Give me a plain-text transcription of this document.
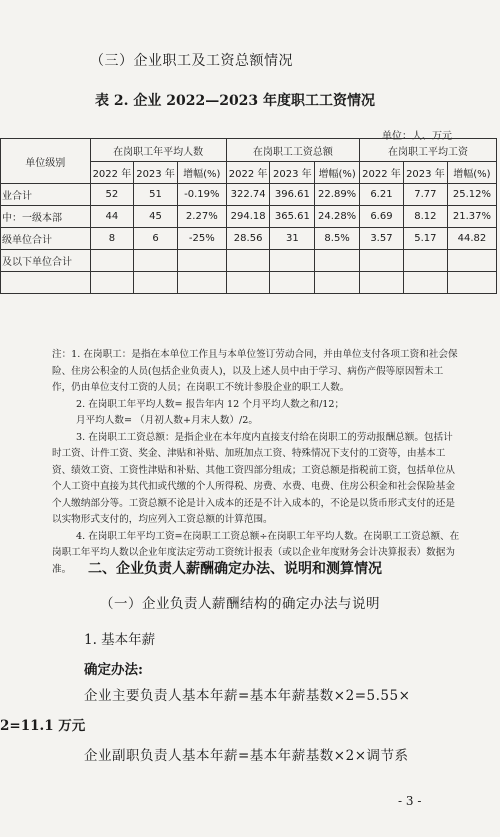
（三）企业职工及工资总额情况
表 2. 企业 2022—2023 年度职工工资情况
单位：人、万元
单位级别	在岗职工年平均人数			在岗职工工资总额			在岗职工平均工资		
	2022 年	2023 年	增幅(%)	2022 年	2023 年	增幅(%)	2022 年	2023 年	增幅(%)
业合计	52	51	-0.19%	322.74	396.61	22.89%	6.21	7.77	25.12%
中：一级本部	44	45	2.27%	294.18	365.61	24.28%	6.69	8.12	21.37%
级单位合计	8	6	-25%	28.56	31	8.5%	3.57	5.17	44.82
及以下单位合计									

注：1. 在岗职工：是指在本单位工作且与本单位签订劳动合同，并由单位支付各项工资和社会保险、住房公积金的人员(包括企业负责人)，以及上述人员中由于学习、病伤产假等原因暂未工作，仍由单位支付工资的人员；在岗职工不统计参股企业的职工人数。

2. 在岗职工年平均人数= 报告年内 12 个月平均人数之和/12；

月平均人数= （月初人数+月末人数）/2。

3. 在岗职工工资总额：是指企业在本年度内直接支付给在岗职工的劳动报酬总额。包括计时工资、计件工资、奖金、津贴和补贴、加班加点工资、特殊情况下支付的工资等，由基本工资、绩效工资、工资性津贴和补贴、其他工资四部分组成；工资总额是指税前工资，包括单位从个人工资中直接为其代扣或代缴的个人所得税、房费、水费、电费、住房公积金和社会保险基金个人缴纳部分等。工资总额不论是计入成本的还是不计入成本的，不论是以货币形式支付的还是以实物形式支付的，均应列入工资总额的计算范围。

4. 在岗职工年平均工资=在岗职工工资总额÷在岗职工年平均人数。在岗职工工资总额、在岗职工年平均人数以企业年度法定劳动工资统计报表（或以企业年度财务会计决算报表）数据为准。	二、企业负责人薪酬确定办法、说明和测算情况
（一）企业负责人薪酬结构的确定办法与说明
1. 基本年薪
确定办法:
企业主要负责人基本年薪=基本年薪基数×2=5.55×
2=11.1 万元
企业副职负责人基本年薪=基本年薪基数×2×调节系
- 3 -
